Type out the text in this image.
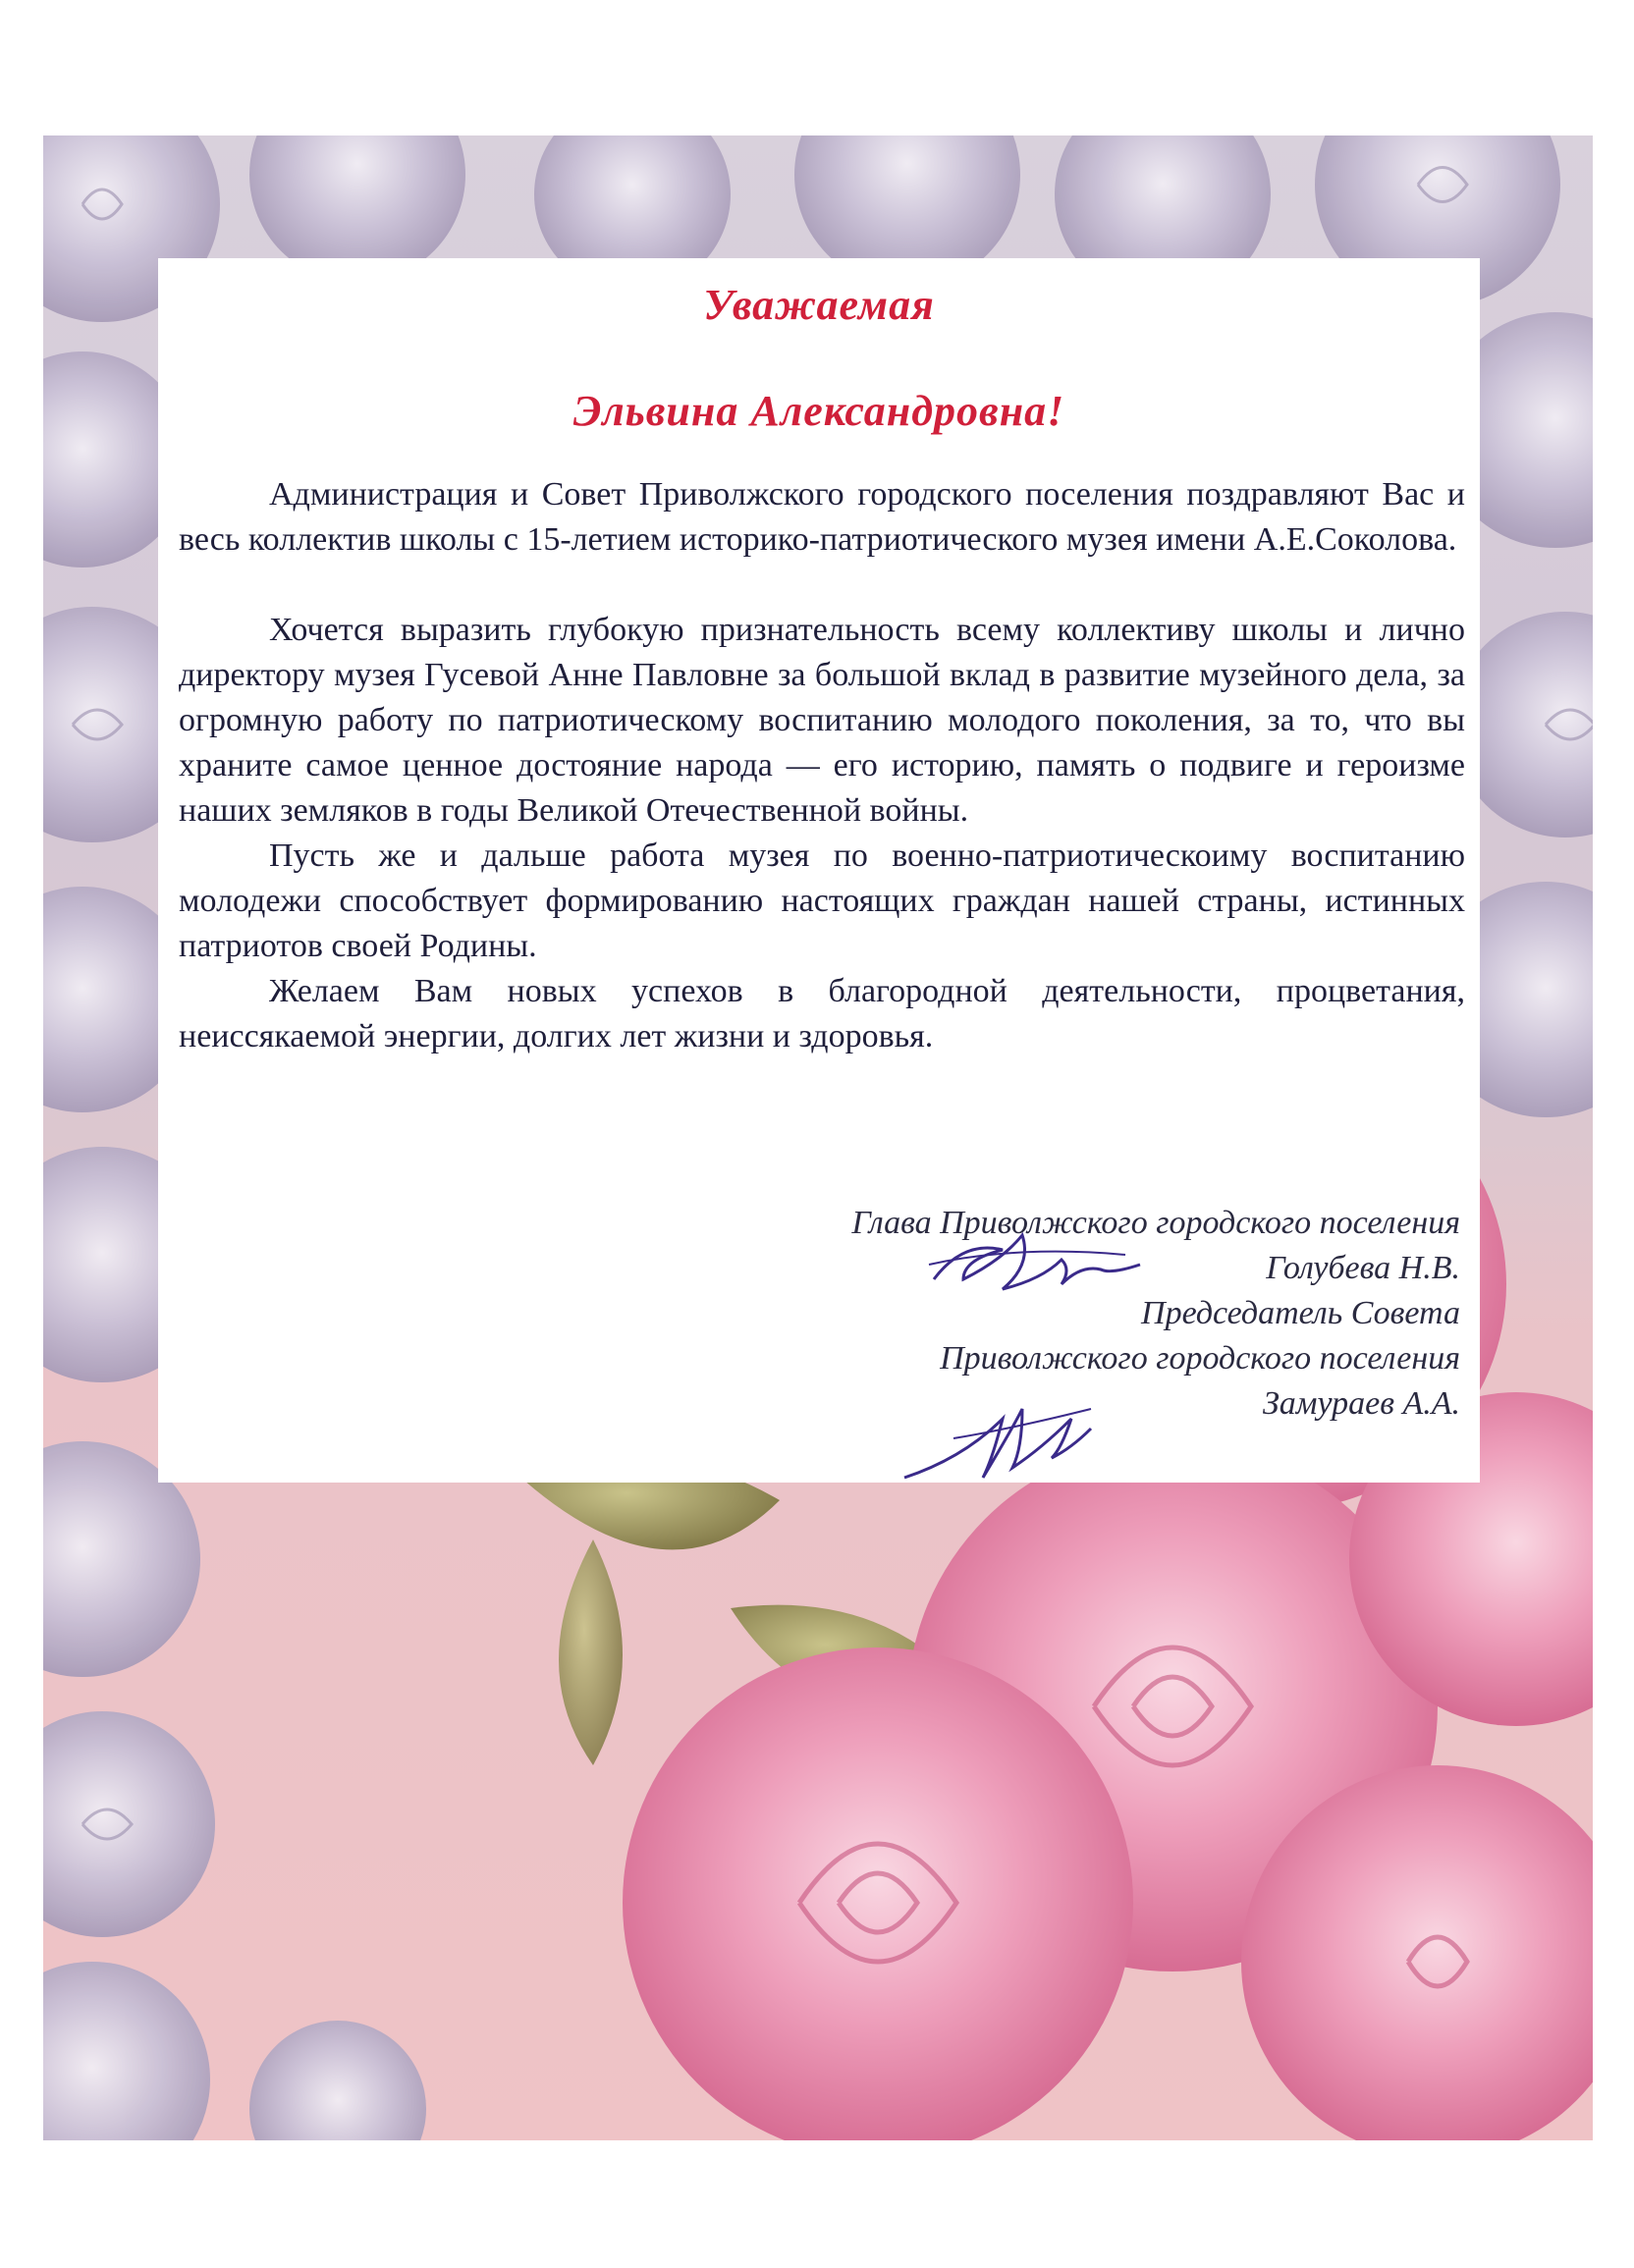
Уважаемая
Эльвина Александровна!

Администрация и Совет Приволжского городского поселения поздравляют Вас и весь коллектив школы с 15-летием историко-патриотического музея имени А.Е.Соколова.

Хочется выразить глубокую признательность всему коллективу школы и лично директору музея Гусевой Анне Павловне за большой вклад в развитие музейного дела, за огромную работу по патриотическому воспитанию молодого поколения, за то, что вы храните самое ценное достояние народа — его историю, память о подвиге и героизме наших земляков в годы Великой Отечественной войны.

Пусть же и дальше работа музея по военно-патриотическоиму воспитанию молодежи способствует формированию настоящих граждан нашей страны, истинных патриотов своей Родины.

Желаем Вам новых успехов в благородной деятельности, процветания, неиссякаемой энергии, долгих лет жизни и здоровья.

Глава Приволжского городского поселения
Голубева Н.В.
Председатель Совета
Приволжского городского поселения
Замураев А.А.
